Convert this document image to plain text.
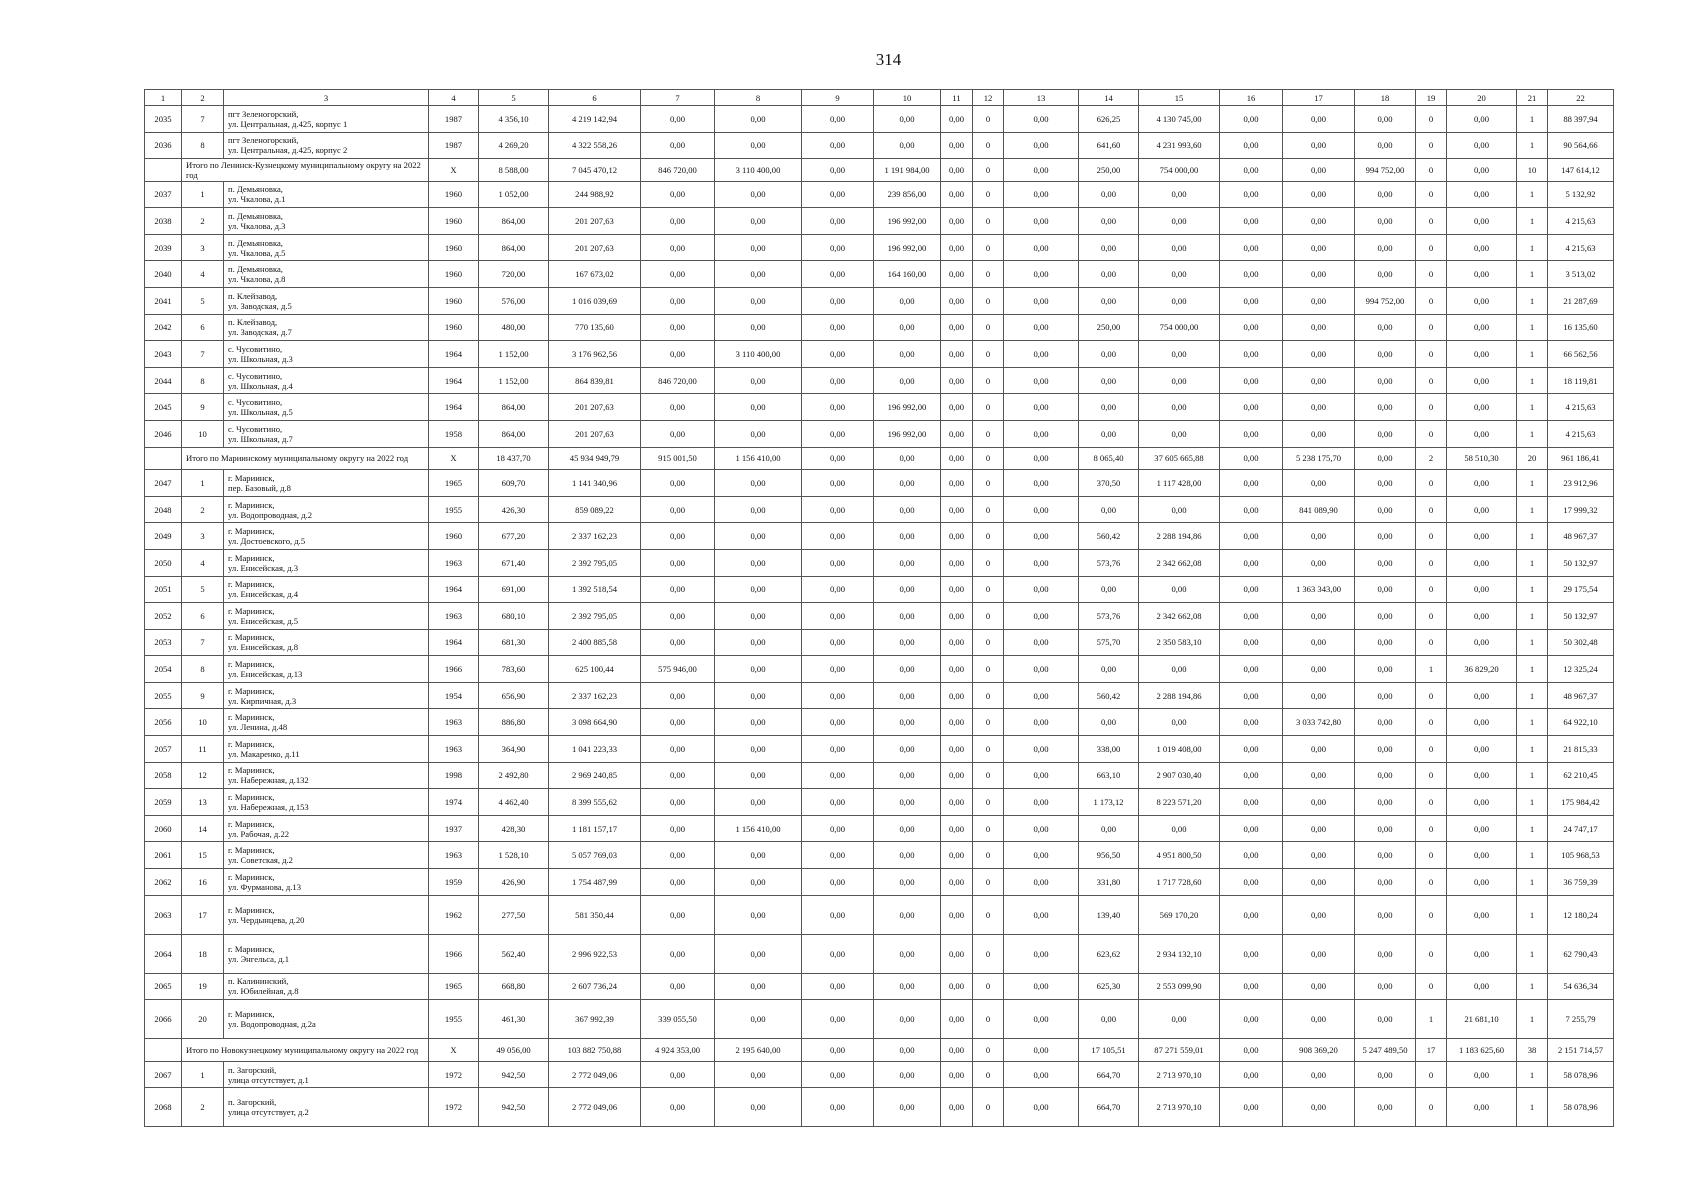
314
1	2	3	4	5	6	7	8	9	10	11	12	13	14	15	16	17	18	19	20	21	22
2035	7	пгт Зеленогорский,
ул. Центральная, д.425, корпус 1	1987	4 356,10	4 219 142,94	0,00	0,00	0,00	0,00	0,00	0	0,00	626,25	4 130 745,00	0,00	0,00	0,00	0	0,00	1	88 397,94
2036	8	пгт Зеленогорский,
ул. Центральная, д.425, корпус 2	1987	4 269,20	4 322 558,26	0,00	0,00	0,00	0,00	0,00	0	0,00	641,60	4 231 993,60	0,00	0,00	0,00	0	0,00	1	90 564,66
	Итого по Ленинск-Кузнецкому муниципальному округу на 2022 год		X	8 588,00	7 045 470,12	846 720,00	3 110 400,00	0,00	1 191 984,00	0,00	0	0,00	250,00	754 000,00	0,00	0,00	994 752,00	0	0,00	10	147 614,12
2037	1	п. Демьяновка,
ул. Чкалова, д.1	1960	1 052,00	244 988,92	0,00	0,00	0,00	239 856,00	0,00	0	0,00	0,00	0,00	0,00	0,00	0,00	0	0,00	1	5 132,92
2038	2	п. Демьяновка,
ул. Чкалова, д.3	1960	864,00	201 207,63	0,00	0,00	0,00	196 992,00	0,00	0	0,00	0,00	0,00	0,00	0,00	0,00	0	0,00	1	4 215,63
2039	3	п. Демьяновка,
ул. Чкалова, д.5	1960	864,00	201 207,63	0,00	0,00	0,00	196 992,00	0,00	0	0,00	0,00	0,00	0,00	0,00	0,00	0	0,00	1	4 215,63
2040	4	п. Демьяновка,
ул. Чкалова, д.8	1960	720,00	167 673,02	0,00	0,00	0,00	164 160,00	0,00	0	0,00	0,00	0,00	0,00	0,00	0,00	0	0,00	1	3 513,02
2041	5	п. Клейзавод,
ул. Заводская, д.5	1960	576,00	1 016 039,69	0,00	0,00	0,00	0,00	0,00	0	0,00	0,00	0,00	0,00	0,00	994 752,00	0	0,00	1	21 287,69
2042	6	п. Клейзавод,
ул. Заводская, д.7	1960	480,00	770 135,60	0,00	0,00	0,00	0,00	0,00	0	0,00	250,00	754 000,00	0,00	0,00	0,00	0	0,00	1	16 135,60
2043	7	с. Чусовитино,
ул. Школьная, д.3	1964	1 152,00	3 176 962,56	0,00	3 110 400,00	0,00	0,00	0,00	0	0,00	0,00	0,00	0,00	0,00	0,00	0	0,00	1	66 562,56
2044	8	с. Чусовитино,
ул. Школьная, д.4	1964	1 152,00	864 839,81	846 720,00	0,00	0,00	0,00	0,00	0	0,00	0,00	0,00	0,00	0,00	0,00	0	0,00	1	18 119,81
2045	9	с. Чусовитино,
ул. Школьная, д.5	1964	864,00	201 207,63	0,00	0,00	0,00	196 992,00	0,00	0	0,00	0,00	0,00	0,00	0,00	0,00	0	0,00	1	4 215,63
2046	10	с. Чусовитино,
ул. Школьная, д.7	1958	864,00	201 207,63	0,00	0,00	0,00	196 992,00	0,00	0	0,00	0,00	0,00	0,00	0,00	0,00	0	0,00	1	4 215,63
	Итого по Мариинскому муниципальному округу на 2022 год		X	18 437,70	45 934 949,79	915 001,50	1 156 410,00	0,00	0,00	0,00	0	0,00	8 065,40	37 605 665,88	0,00	5 238 175,70	0,00	2	58 510,30	20	961 186,41
2047	1	г. Мариинск,
пер. Базовый, д.8	1965	609,70	1 141 340,96	0,00	0,00	0,00	0,00	0,00	0	0,00	370,50	1 117 428,00	0,00	0,00	0,00	0	0,00	1	23 912,96
2048	2	г. Мариинск,
ул. Водопроводная, д.2	1955	426,30	859 089,22	0,00	0,00	0,00	0,00	0,00	0	0,00	0,00	0,00	0,00	841 089,90	0,00	0	0,00	1	17 999,32
2049	3	г. Мариинск,
ул. Достоевского, д.5	1960	677,20	2 337 162,23	0,00	0,00	0,00	0,00	0,00	0	0,00	560,42	2 288 194,86	0,00	0,00	0,00	0	0,00	1	48 967,37
2050	4	г. Мариинск,
ул. Енисейская, д.3	1963	671,40	2 392 795,05	0,00	0,00	0,00	0,00	0,00	0	0,00	573,76	2 342 662,08	0,00	0,00	0,00	0	0,00	1	50 132,97
2051	5	г. Мариинск,
ул. Енисейская, д.4	1964	691,00	1 392 518,54	0,00	0,00	0,00	0,00	0,00	0	0,00	0,00	0,00	0,00	1 363 343,00	0,00	0	0,00	1	29 175,54
2052	6	г. Мариинск,
ул. Енисейская, д.5	1963	680,10	2 392 795,05	0,00	0,00	0,00	0,00	0,00	0	0,00	573,76	2 342 662,08	0,00	0,00	0,00	0	0,00	1	50 132,97
2053	7	г. Мариинск,
ул. Енисейская, д.8	1964	681,30	2 400 885,58	0,00	0,00	0,00	0,00	0,00	0	0,00	575,70	2 350 583,10	0,00	0,00	0,00	0	0,00	1	50 302,48
2054	8	г. Мариинск,
ул. Енисейская, д.13	1966	783,60	625 100,44	575 946,00	0,00	0,00	0,00	0,00	0	0,00	0,00	0,00	0,00	0,00	0,00	1	36 829,20	1	12 325,24
2055	9	г. Мариинск,
ул. Кирпичная, д.3	1954	656,90	2 337 162,23	0,00	0,00	0,00	0,00	0,00	0	0,00	560,42	2 288 194,86	0,00	0,00	0,00	0	0,00	1	48 967,37
2056	10	г. Мариинск,
ул. Ленина, д.48	1963	886,80	3 098 664,90	0,00	0,00	0,00	0,00	0,00	0	0,00	0,00	0,00	0,00	3 033 742,80	0,00	0	0,00	1	64 922,10
2057	11	г. Мариинск,
ул. Макаренко, д.11	1963	364,90	1 041 223,33	0,00	0,00	0,00	0,00	0,00	0	0,00	338,00	1 019 408,00	0,00	0,00	0,00	0	0,00	1	21 815,33
2058	12	г. Мариинск,
ул. Набережная, д.132	1998	2 492,80	2 969 240,85	0,00	0,00	0,00	0,00	0,00	0	0,00	663,10	2 907 030,40	0,00	0,00	0,00	0	0,00	1	62 210,45
2059	13	г. Мариинск,
ул. Набережная, д.153	1974	4 462,40	8 399 555,62	0,00	0,00	0,00	0,00	0,00	0	0,00	1 173,12	8 223 571,20	0,00	0,00	0,00	0	0,00	1	175 984,42
2060	14	г. Мариинск,
ул. Рабочая, д.22	1937	428,30	1 181 157,17	0,00	1 156 410,00	0,00	0,00	0,00	0	0,00	0,00	0,00	0,00	0,00	0,00	0	0,00	1	24 747,17
2061	15	г. Мариинск,
ул. Советская, д.2	1963	1 528,10	5 057 769,03	0,00	0,00	0,00	0,00	0,00	0	0,00	956,50	4 951 800,50	0,00	0,00	0,00	0	0,00	1	105 968,53
2062	16	г. Мариинск,
ул. Фурманова, д.13	1959	426,90	1 754 487,99	0,00	0,00	0,00	0,00	0,00	0	0,00	331,80	1 717 728,60	0,00	0,00	0,00	0	0,00	1	36 759,39
2063	17	г. Мариинск,
ул. Чердынцева, д.20	1962	277,50	581 350,44	0,00	0,00	0,00	0,00	0,00	0	0,00	139,40	569 170,20	0,00	0,00	0,00	0	0,00	1	12 180,24
2064	18	г. Мариинск,
ул. Энгельса, д.1	1966	562,40	2 996 922,53	0,00	0,00	0,00	0,00	0,00	0	0,00	623,62	2 934 132,10	0,00	0,00	0,00	0	0,00	1	62 790,43
2065	19	п. Калининский,
ул. Юбилейная, д.8	1965	668,80	2 607 736,24	0,00	0,00	0,00	0,00	0,00	0	0,00	625,30	2 553 099,90	0,00	0,00	0,00	0	0,00	1	54 636,34
2066	20	г. Мариинск,
ул. Водопроводная, д.2а	1955	461,30	367 992,39	339 055,50	0,00	0,00	0,00	0,00	0	0,00	0,00	0,00	0,00	0,00	0,00	1	21 681,10	1	7 255,79
	Итого по Новокузнецкому муниципальному округу на 2022 год		X	49 056,00	103 882 750,88	4 924 353,00	2 195 640,00	0,00	0,00	0,00	0	0,00	17 105,51	87 271 559,01	0,00	908 369,20	5 247 489,50	17	1 183 625,60	38	2 151 714,57
2067	1	п. Загорский,
улица отсутствует, д.1	1972	942,50	2 772 049,06	0,00	0,00	0,00	0,00	0,00	0	0,00	664,70	2 713 970,10	0,00	0,00	0,00	0	0,00	1	58 078,96
2068	2	п. Загорский,
улица отсутствует, д.2	1972	942,50	2 772 049,06	0,00	0,00	0,00	0,00	0,00	0	0,00	664,70	2 713 970,10	0,00	0,00	0,00	0	0,00	1	58 078,96
